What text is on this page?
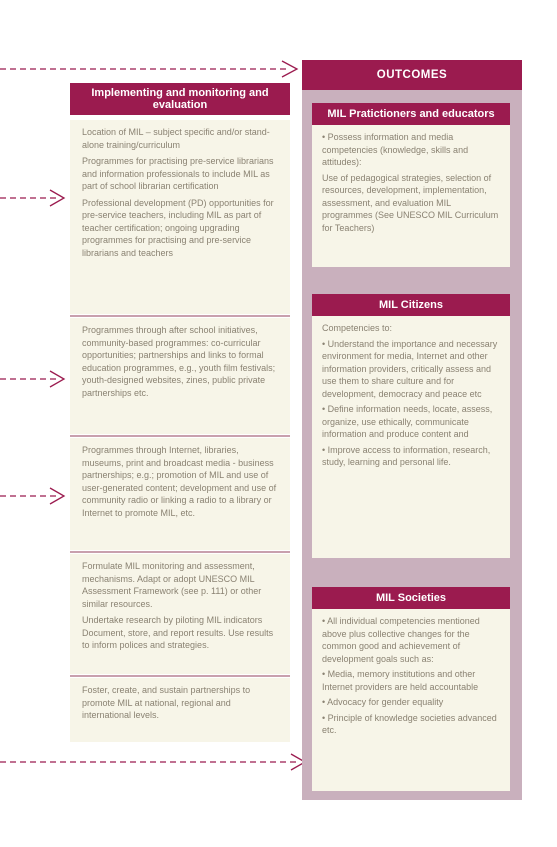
Implementing and monitoring and evaluation

Location of MIL – subject specific and/or stand-alone training/curriculum

Programmes for practising pre-service librarians and information professionals to include MIL as part of school librarian certification

Professional development (PD) opportunities for pre-service teachers, including MIL as part of teacher certification; ongoing upgrading programmes for practising and pre-service librarians and teachers

Programmes through after school initiatives, community-based programmes: co-curricular opportunities; partnerships and links to formal education programmes, e.g., youth film festivals; youth-designed websites, zines, public private partnerships etc.

Programmes through Internet, libraries, museums, print and broadcast media - business partnerships; e.g.; promotion of MIL and use of user-generated content; development and use of community radio or linking a radio to a library or Internet to promote MIL, etc.

Formulate MIL monitoring and assessment, mechanisms. Adapt or adopt UNESCO MIL Assessment Framework (see p. 111) or other similar resources.

Undertake research by piloting MIL indicators Document, store, and report results. Use results to inform polices and strategies.

Foster, create, and sustain partnerships to promote MIL at national, regional and international levels.

OUTCOMES
MIL Pratictioners and educators

• Possess information and media competencies (knowledge, skills and attitudes):

Use of pedagogical strategies, selection of resources, development, implementation, assessment, and evaluation MIL programmes (See UNESCO MIL Curriculum for Teachers)

MIL Citizens

Competencies to:

• Understand the importance and necessary environment for media, Internet and other information providers, critically assess and use them to share culture and for development, democracy and peace etc

• Define information needs, locate, assess, organize, use ethically, communicate information and produce content and

• Improve access to information, research, study, learning and personal life.

MIL Societies

• All individual competencies mentioned above plus collective changes for the common good and achievement of development goals such as:

• Media, memory institutions and other Internet providers are held accountable

• Advocacy for gender equality

• Principle of knowledge societies advanced etc.
